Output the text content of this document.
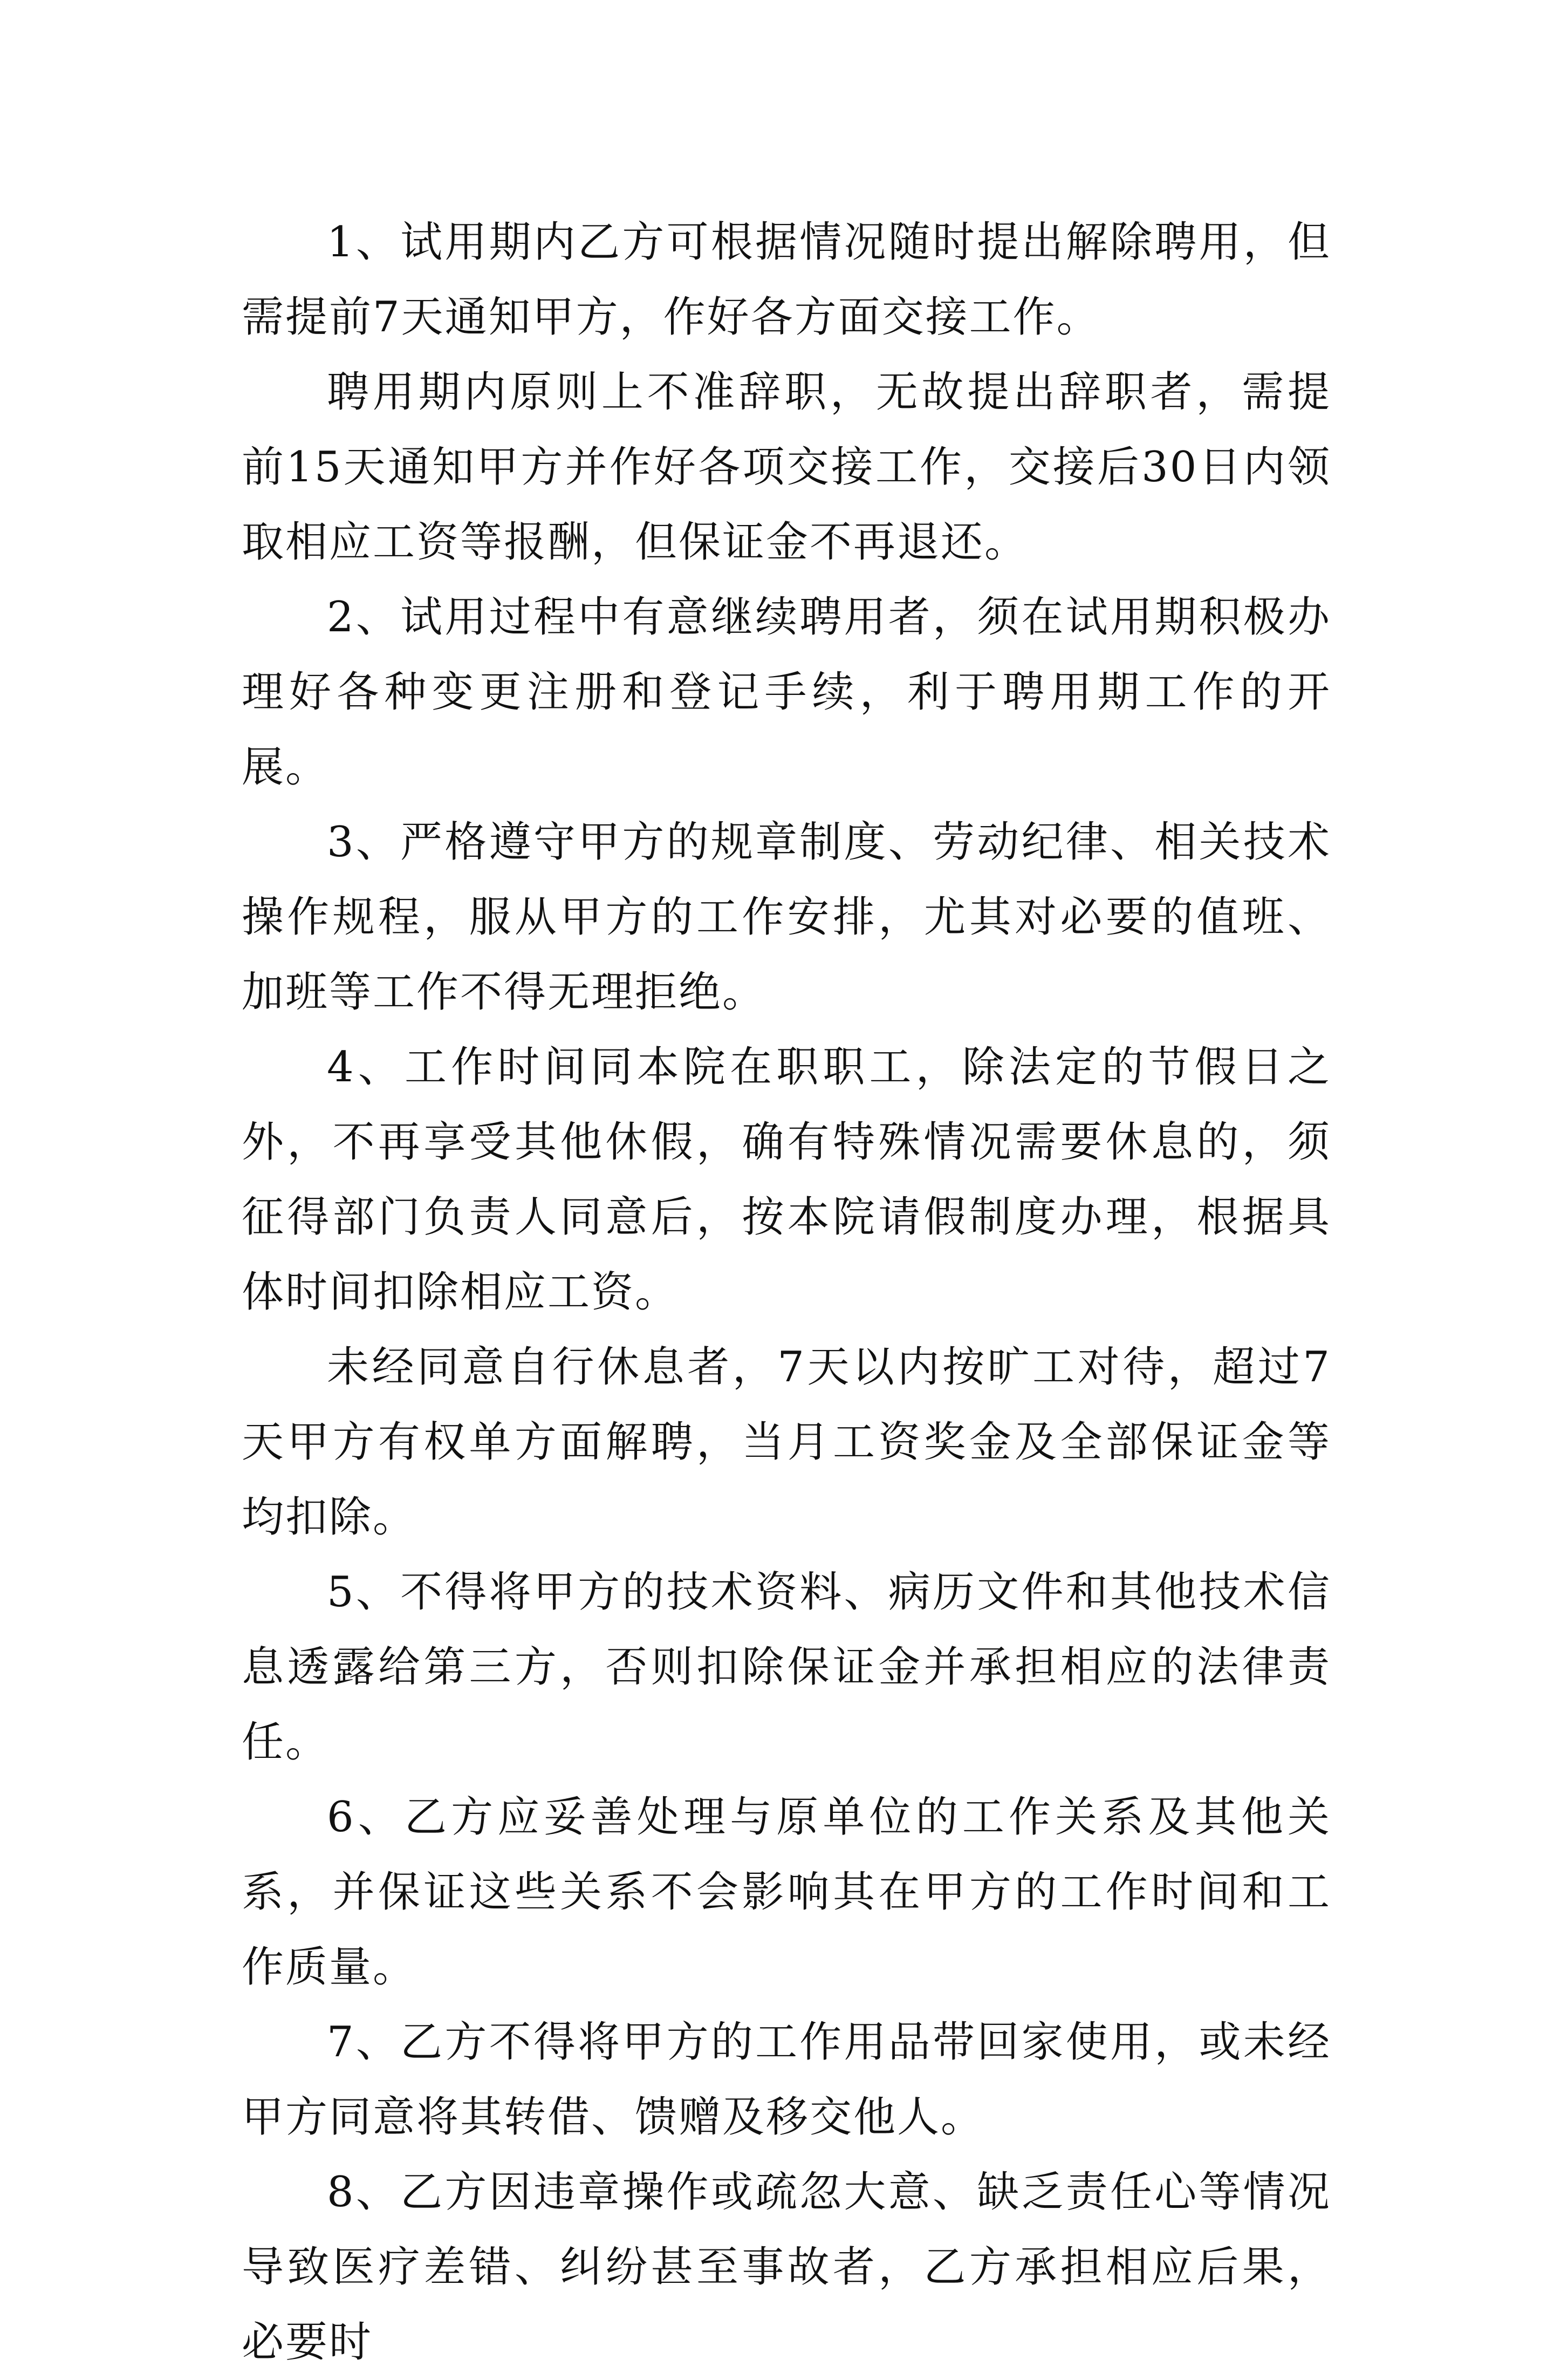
1、试用期内乙方可根据情况随时提出解除聘用，但需提前7天通知甲方，作好各方面交接工作。

聘用期内原则上不准辞职，无故提出辞职者，需提前15天通知甲方并作好各项交接工作，交接后30日内领取相应工资等报酬，但保证金不再退还。

2、试用过程中有意继续聘用者，须在试用期积极办理好各种变更注册和登记手续，利于聘用期工作的开展。

3、严格遵守甲方的规章制度、劳动纪律、相关技术操作规程，服从甲方的工作安排，尤其对必要的值班、加班等工作不得无理拒绝。

4、工作时间同本院在职职工，除法定的节假日之外，不再享受其他休假，确有特殊情况需要休息的，须征得部门负责人同意后，按本院请假制度办理，根据具体时间扣除相应工资。

未经同意自行休息者，7天以内按旷工对待，超过7天甲方有权单方面解聘，当月工资奖金及全部保证金等均扣除。

5、不得将甲方的技术资料、病历文件和其他技术信息透露给第三方，否则扣除保证金并承担相应的法律责任。

6、乙方应妥善处理与原单位的工作关系及其他关系，并保证这些关系不会影响其在甲方的工作时间和工作质量。

7、乙方不得将甲方的工作用品带回家使用，或未经甲方同意将其转借、馈赠及移交他人。

8、乙方因违章操作或疏忽大意、缺乏责任心等情况导致医疗差错、纠纷甚至事故者，乙方承担相应后果，必要时
